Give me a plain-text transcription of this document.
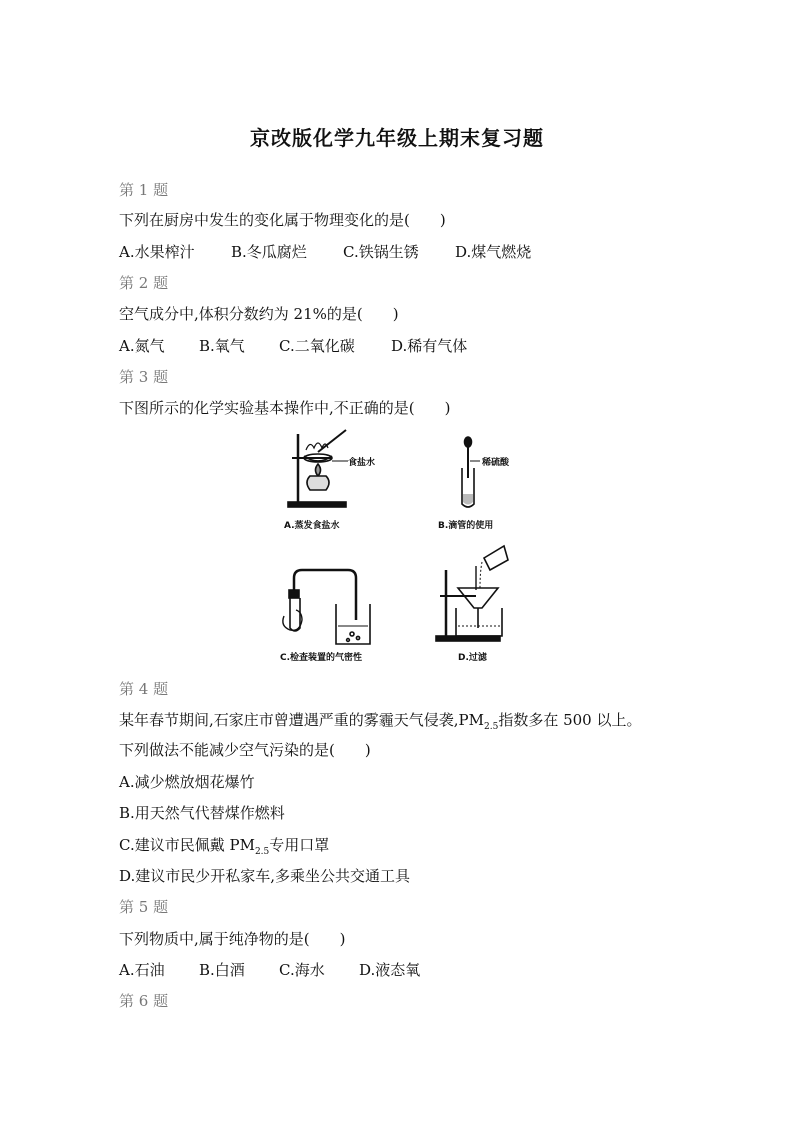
京改版化学九年级上期末复习题
第 1 题
下列在厨房中发生的变化属于物理变化的是(　　)
A.水果榨汁 B.冬瓜腐烂 C.铁锅生锈 D.煤气燃烧
第 2 题
空气成分中,体积分数约为 21%的是(　　)
A.氮气 B.氧气 C.二氧化碳 D.稀有气体
第 3 题
下图所示的化学实验基本操作中,不正确的是(　　)
食盐水
A.蒸发食盐水
稀硫酸
B.滴管的使用
C.检查装置的气密性	D.过滤
第 4 题
某年春节期间,石家庄市曾遭遇严重的雾霾天气侵袭$,PM_{2.5}$指数多在 500 以上。
下列做法不能减少空气污染的是(　　)
A.减少燃放烟花爆竹
B.用天然气代替煤作燃料
C.建议市民佩戴 $PM_{2.5}$专用口罩
D.建议市民少开私家车,多乘坐公共交通工具
第 5 题
下列物质中,属于纯净物的是(　　)
A.石油 B.白酒 C.海水 D.液态氧
第 6 题
